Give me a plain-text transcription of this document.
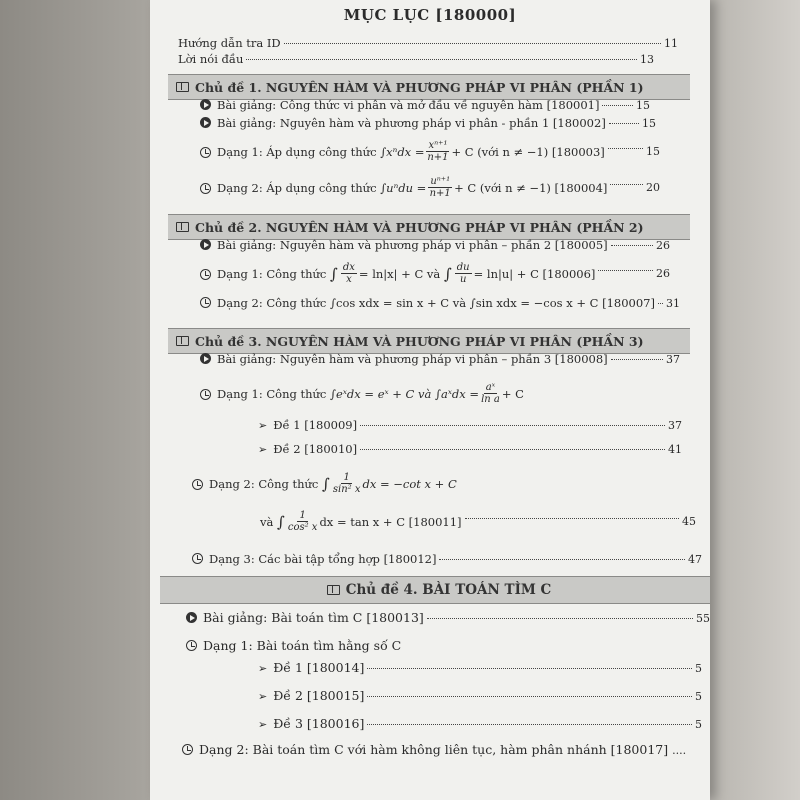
MỤC LỤC [180000]
Hướng dẫn tra ID	11
Lời nói đầu	13
Chủ đề 1. NGUYÊN HÀM VÀ PHƯƠNG PHÁP VI PHÂN (PHẦN 1)
Bài giảng: Công thức vi phân và mở đầu về nguyên hàm [180001]	15
Bài giảng: Nguyên hàm và phương pháp vi phân - phần 1 [180002]	15
Dạng 1: Áp dụng công thức
$\int x^ndx = \frac{\text{xⁿ⁺¹}}{n+1} + C$ (với n ≠ −1) [180003]	15
Dạng 2: Áp dụng công thức
$\int u^ndu = \frac{\text{uⁿ⁺¹}}{n+1} + C$ (với n ≠ −1) [180004]	20
Chủ đề 2. NGUYÊN HÀM VÀ PHƯƠNG PHÁP VI PHÂN (PHẦN 2)
Bài giảng: Nguyên hàm và phương pháp vi phân – phần 2 [180005]	26
Dạng 1: Công thức
∫ $\frac{dx}{x} = \ln|x| + C$ và
∫ $\frac{du}{u} = \ln|u| + C$ [180006]	26
Dạng 2: Công thức ∫cos xdx = sin x + C và ∫sin xdx = −cos x + C [180007] 31
Chủ đề 3. NGUYÊN HÀM VÀ PHƯƠNG PHÁP VI PHÂN (PHẦN 3)
Bài giảng: Nguyên hàm và phương pháp vi phân – phần 3 [180008]	37
Dạng 1: Công thức
∫eˣdx = eˣ + C và ∫aˣdx = $\frac{\text{aˣ}}{\text{ln a}} + C$
➢ Đề 1 [180009]	37
➢ Đề 2 [180010]	41
Dạng 2: Công thức
∫ $\frac{1}{\text{sin² x}}$ dx = −cot x + C
và
∫ $\frac{1}{\text{cos² x}}$ dx = tan x + C [180011]	45
Dạng 3: Các bài tập tổng hợp [180012]	47
Chủ đề 4. BÀI TOÁN TÌM C
Bài giảng: Bài toán tìm C [180013]	55
Dạng 1: Bài toán tìm hằng số C
➢ Đề 1 [180014]	5
➢ Đề 2 [180015]	5
➢ Đề 3 [180016]	5
Dạng 2: Bài toán tìm C với hàm không liên tục, hàm phân nhánh [180017] ....
